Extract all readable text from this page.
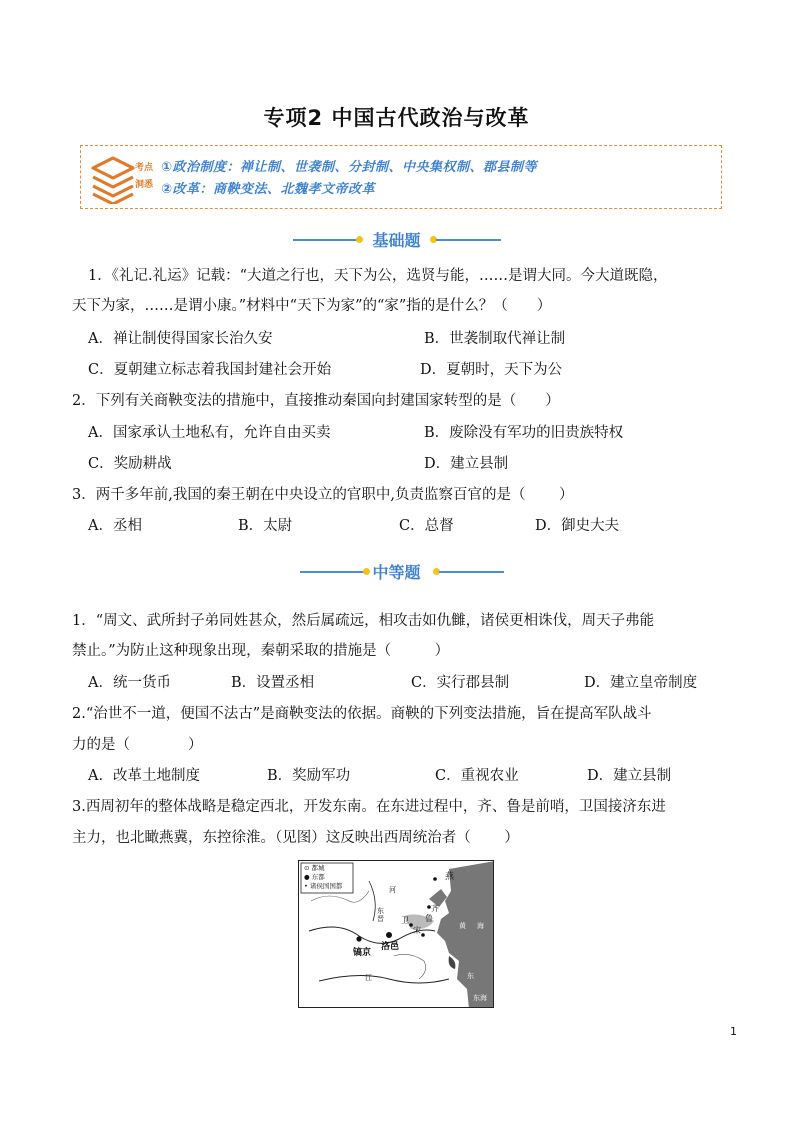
专项2 中国古代政治与改革
考点
洞悉
①政治制度：禅让制、世袭制、分封制、中央集权制、郡县制等
②改革：商鞅变法、北魏孝文帝改革
基础题
1．《礼记.礼运》记载：“大道之行也，天下为公，选贤与能，……是谓大同。今大道既隐，
天下为家，……是谓小康。”材料中“天下为家”的“家”指的是什么？（　　）
A．禅让制使得国家长治久安	B．世袭制取代禅让制
C．夏朝建立标志着我国封建社会开始	D．夏朝时，天下为公
2．下列有关商鞅变法的措施中，直接推动秦国向封建国家转型的是（　　）
A．国家承认土地私有，允许自由买卖	B．废除没有军功的旧贵族特权
C．奖励耕战	D．建立县制
3．两千多年前,我国的秦王朝在中央设立的官职中,负责监察百官的是（　　 ）
A．丞相	B．太尉	C．总督	D．御史大夫
中等题
1．“周文、武所封子弟同姓甚众，然后属疏远，相攻击如仇雠，诸侯更相诛伐，周天子弗能
禁止。”为防止这种现象出现，秦朝采取的措施是（　　　）
A．统一货币	B．设置丞相	C．实行郡县制	D．建立皇帝制度
2.“治世不一道，便国不法古”是商鞅变法的依据。商鞅的下列变法措施，旨在提高军队战斗
力的是（　　　　）
A．改革土地制度	B．奖励军功	C．重视农业	D．建立县制
3.西周初年的整体战略是稳定西北，开发东南。在东进过程中，齐、鲁是前哨，卫国接济东进
主力，也北瞰燕冀，东控徐淮。（见图）这反映出西周统治者（　　 ）
⊙ 都城
● 东都
• 诸侯国国都
燕
齐
鲁
卫
宋
东晋
洛邑
镐京
江
河
黄 海
东
东海
1
